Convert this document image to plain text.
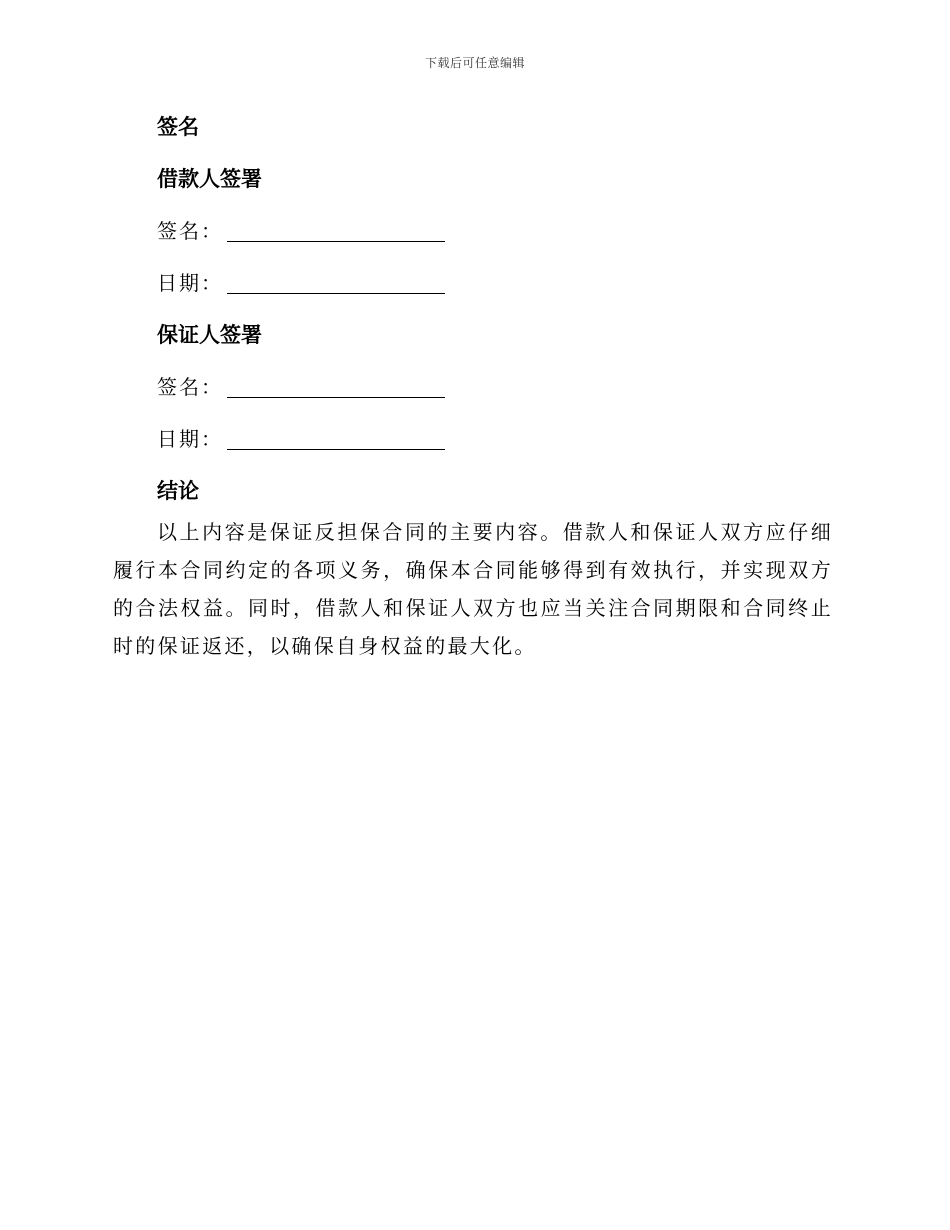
下载后可任意编辑
签名
借款人签署
签名：
日期：
保证人签署
签名：
日期：
结论
以上内容是保证反担保合同的主要内容。借款人和保证人双方应仔细履行本合同约定的各项义务，确保本合同能够得到有效执行，并实现双方的合法权益。同时，借款人和保证人双方也应当关注合同期限和合同终止时的保证返还，以确保自身权益的最大化。
